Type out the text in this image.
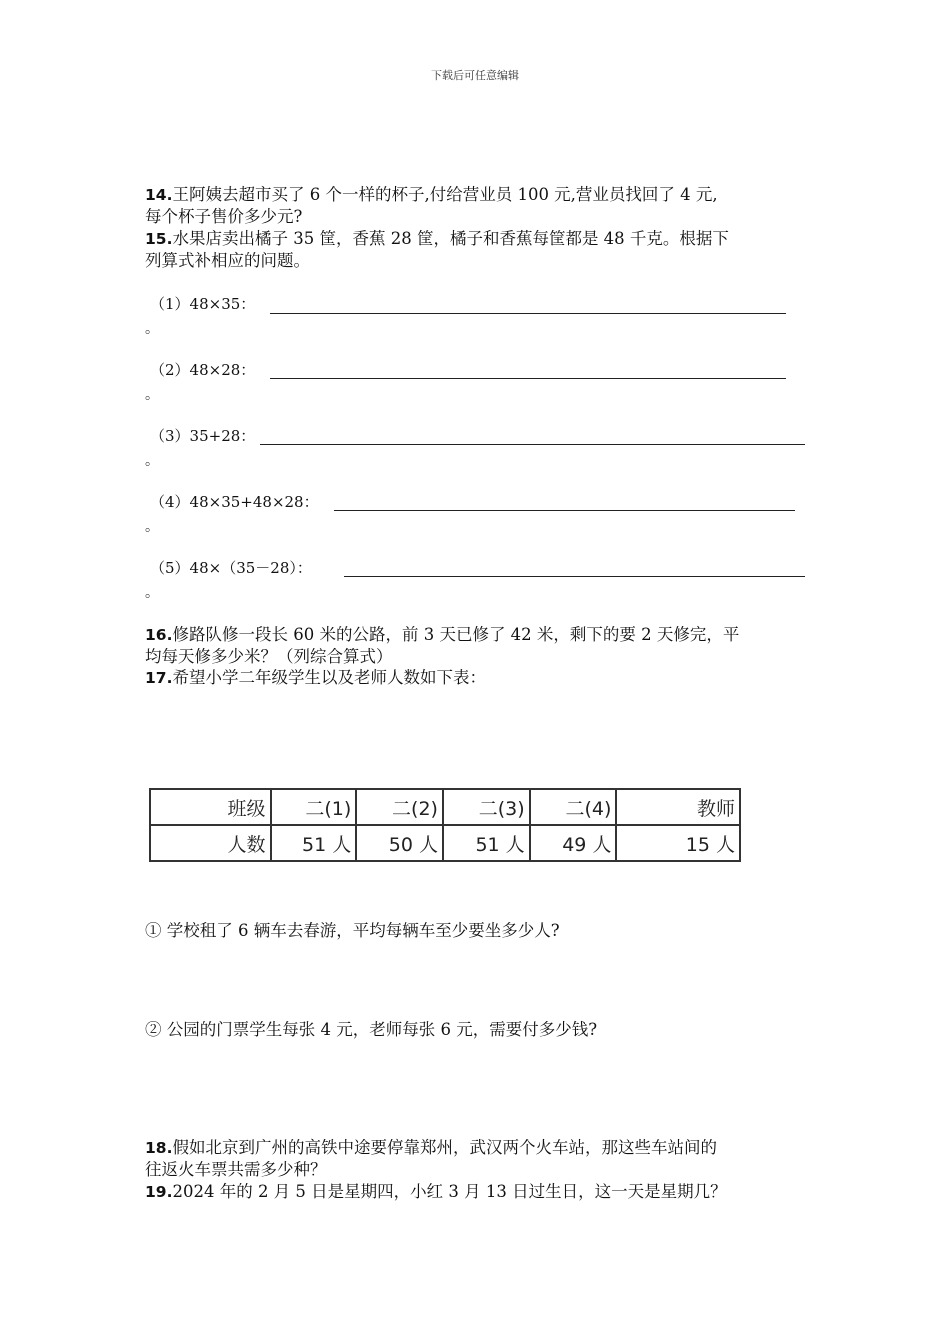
下载后可任意编辑
14.王阿姨去超市买了 6 个一样的杯子,付给营业员 100 元,营业员找回了 4 元,
每个杯子售价多少元?
15.水果店卖出橘子 35 筐，香蕉 28 筐，橘子和香蕉每筐都是 48 千克。根据下
列算式补相应的问题。
（1）48×35：
。
（2）48×28：
。
（3）35+28：
。
（4）48×35+48×28：
。
（5）48×（35－28）：
。
16.修路队修一段长 60 米的公路，前 3 天已修了 42 米，剩下的要 2 天修完，平
均每天修多少米？（列综合算式）
17.希望小学二年级学生以及老师人数如下表：
班级	二(1)	二(2)	二(3)	二(4)	教师
人数	51 人	50 人	51 人	49 人	15 人
① 学校租了 6 辆车去春游，平均每辆车至少要坐多少人?
② 公园的门票学生每张 4 元，老师每张 6 元，需要付多少钱?
18.假如北京到广州的高铁中途要停靠郑州，武汉两个火车站，那这些车站间的
往返火车票共需多少种？
19.2024 年的 2 月 5 日是星期四，小红 3 月 13 日过生日，这一天是星期几？
